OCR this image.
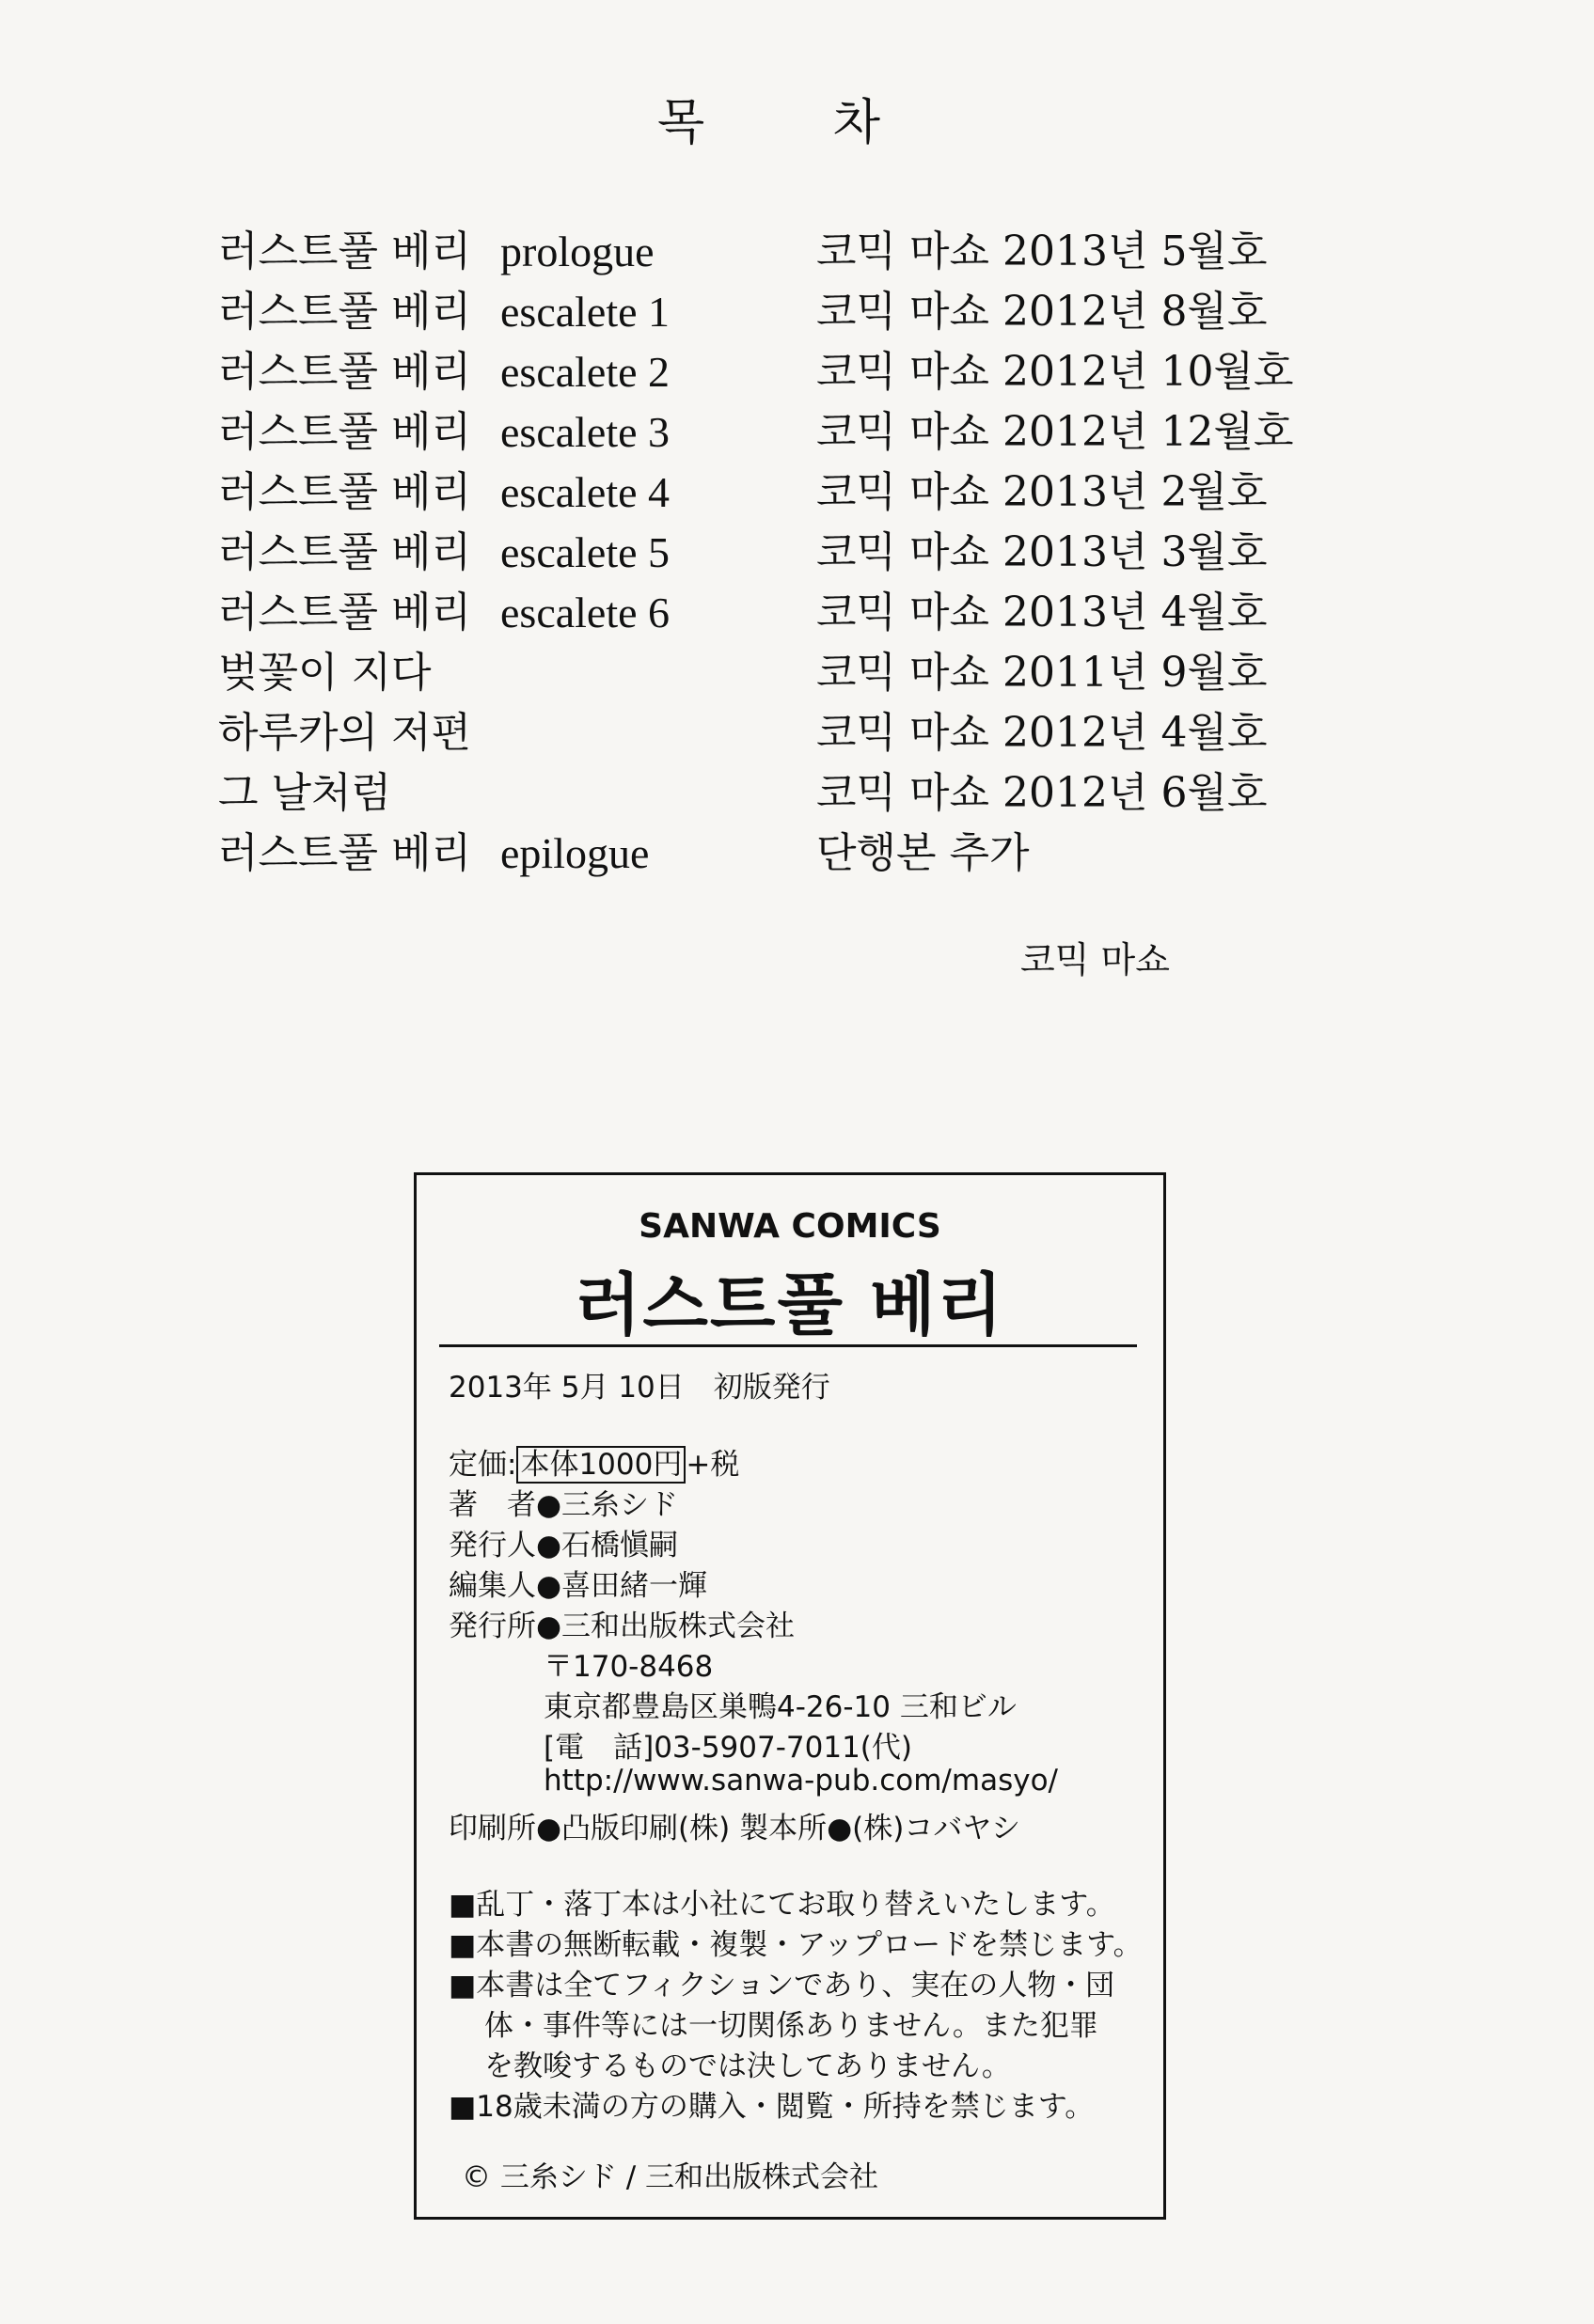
목 차
러스트풀 베리 prologue	코믹 마쇼 2013년 5월호
러스트풀 베리 escalete 1	코믹 마쇼 2012년 8월호
러스트풀 베리 escalete 2	코믹 마쇼 2012년 10월호
러스트풀 베리 escalete 3	코믹 마쇼 2012년 12월호
러스트풀 베리 escalete 4	코믹 마쇼 2013년 2월호
러스트풀 베리 escalete 5	코믹 마쇼 2013년 3월호
러스트풀 베리 escalete 6	코믹 마쇼 2013년 4월호
벚꽃이 지다	코믹 마쇼 2011년 9월호
하루카의 저편	코믹 마쇼 2012년 4월호
그 날처럼	코믹 마쇼 2012년 6월호
러스트풀 베리 epilogue	단행본 추가
코믹 마쇼
SANWA COMICS
러스트풀 베리
2013年 5月 10日　初版発行
定価: 本体1000円 +税
著　者●三糸シド
発行人●石橋愼嗣
編集人●喜田緒一輝
発行所●三和出版株式会社
〒170-8468
東京都豊島区巣鴨4-26-10 三和ビル
[電　話]03-5907-7011(代)
http://www.sanwa-pub.com/masyo/
印刷所●凸版印刷(株) 製本所●(株)コバヤシ
■乱丁・落丁本は小社にてお取り替えいたします。
■本書の無断転載・複製・アップロードを禁じます。
■本書は全てフィクションであり、実在の人物・団
体・事件等には一切関係ありません。また犯罪
を教唆するものでは決してありません。
■18歳未満の方の購入・閲覧・所持を禁じます。
© 三糸シド / 三和出版株式会社
